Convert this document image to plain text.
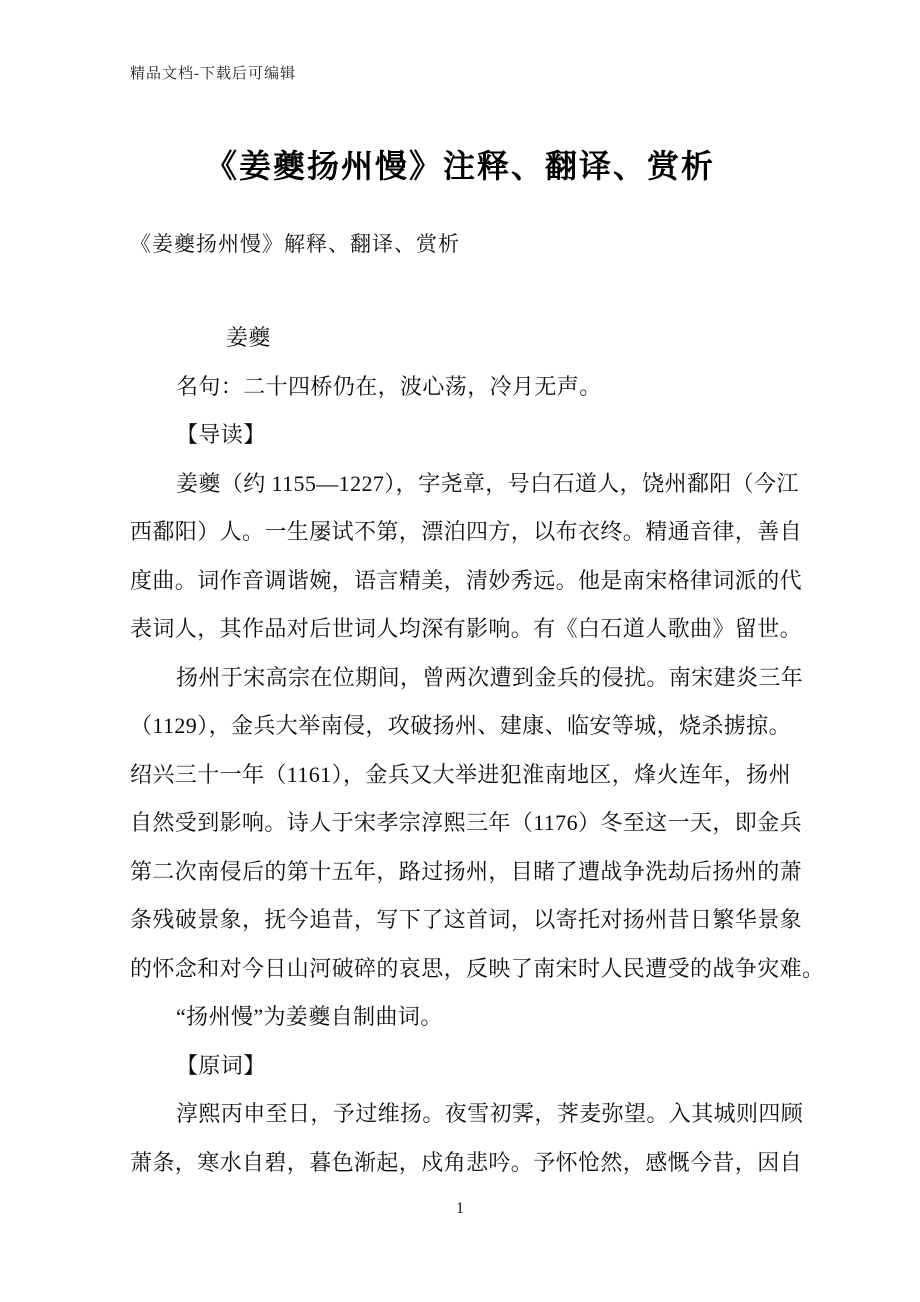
精品文档-下载后可编辑
《姜夔扬州慢》注释、翻译、赏析
《姜夔扬州慢》解释、翻译、赏析
姜夔
名句：二十四桥仍在，波心荡，冷月无声。
【导读】
姜夔（约 1155—1227），字尧章，号白石道人，饶州鄱阳（今江
西鄱阳）人。一生屡试不第，漂泊四方，以布衣终。精通音律，善自
度曲。词作音调谐婉，语言精美，清妙秀远。他是南宋格律词派的代
表词人，其作品对后世词人均深有影响。有《白石道人歌曲》留世。
扬州于宋高宗在位期间，曾两次遭到金兵的侵扰。南宋建炎三年
（1129），金兵大举南侵，攻破扬州、建康、临安等城，烧杀掳掠。
绍兴三十一年（1161），金兵又大举进犯淮南地区，烽火连年，扬州
自然受到影响。诗人于宋孝宗淳熙三年（1176）冬至这一天，即金兵
第二次南侵后的第十五年，路过扬州，目睹了遭战争洗劫后扬州的萧
条残破景象，抚今追昔，写下了这首词，以寄托对扬州昔日繁华景象
的怀念和对今日山河破碎的哀思，反映了南宋时人民遭受的战争灾难。
“扬州慢”为姜夔自制曲词。
【原词】
淳熙丙申至日，予过维扬。夜雪初霁，荠麦弥望。入其城则四顾
萧条，寒水自碧，暮色渐起，戍角悲吟。予怀怆然，感慨今昔，因自
1
